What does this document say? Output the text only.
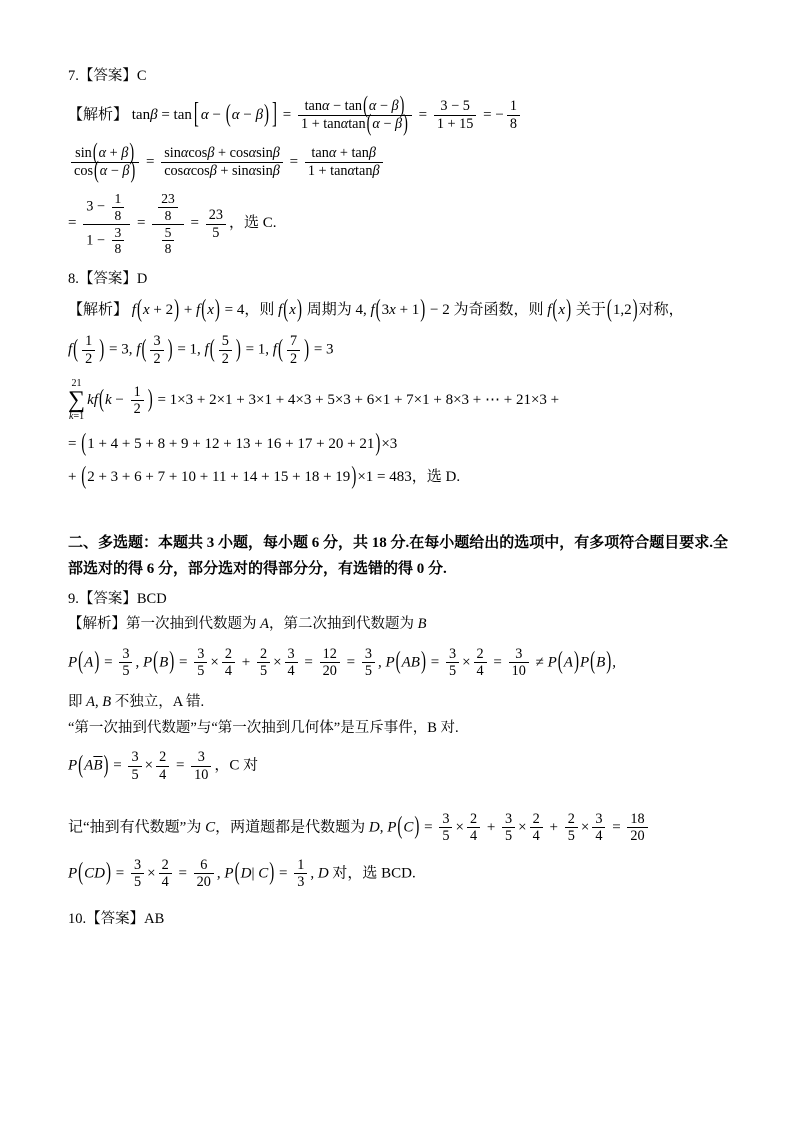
7.【答案】C
【解析】 tanβ = tan [ α − (α − β) ] = $\frac{\tan\alpha - \tan(\alpha - \beta)}{1 + \tan\alpha\tan(\alpha - \beta)} = \frac{3 - 5}{1 + 15}$ = − $\frac{1}{8}$
$\frac{\sin(\alpha + \beta)}{\cos(\alpha - \beta)} = \frac{\sin\alpha\cos\beta + \cos\alpha\sin\beta}{\cos\alpha\cos\beta + \sin\alpha\sin\beta} = \frac{\tan\alpha + \tan\beta}{1 + \tan\alpha\tan\beta}$
= $\frac{3 - \frac{1}{8}}{1 - \frac{3}{8}} = \frac{\frac{23}{8}}{\frac{5}{8}} = \frac{23}{5}$ ，选 C.
8.【答案】D
【解析】 f(x + 2) + f(x) = 4，则 f(x) 周期为 4, f(3x + 1) − 2 为奇函数，则 f(x) 关于(1,2)对称，
$f( \frac{1}{2}$ ) = 3, $f( \frac{3}{2}$ ) = 1, $f( \frac{5}{2}$ ) = 1, $f( \frac{7}{2}$ ) = 3
21
∑
k=1
$kf(k - \frac{1}{2}$ ) = 1×3 + 2×1 + 3×1 + 4×3 + 5×3 + 6×1 + 7×1 + 8×3 + ⋯ + 21×3 +
= (1 + 4 + 5 + 8 + 9 + 12 + 13 + 16 + 17 + 20 + 21)×3
+ (2 + 3 + 6 + 7 + 10 + 11 + 14 + 15 + 18 + 19)×1 = 483，选 D.
二、多选题：本题共 3 小题，每小题 6 分，共 18 分.在每小题给出的选项中，有多项符合题目要求.全部选对的得 6 分，部分选对的得部分分，有选错的得 0 分.
9.【答案】BCD
【解析】第一次抽到代数题为 A，第二次抽到代数题为 B
$P(A) = \frac{3}{5}$ , $P(B) = \frac{3}{5} \times \frac{2}{4} + \frac{2}{5} \times \frac{3}{4} = \frac{12}{20} = \frac{3}{5}$ , $P(AB) = \frac{3}{5} \times \frac{2}{4} = \frac{3}{10} \ne P(A)P(B)$,
即 A, B 不独立，A 错.
“第一次抽到代数题”与“第一次抽到几何体”是互斥事件，B 对.
$P(A\overline{B}) = \frac{3}{5} \times \frac{2}{4} = \frac{3}{10}$ ，C 对
记“抽到有代数题”为 C，两道题都是代数题为 D, $P(C) = \frac{3}{5} \times \frac{2}{4} + \frac{3}{5} \times \frac{2}{4} + \frac{2}{5} \times \frac{3}{4} = \frac{18}{20}$
$P(CD) = \frac{3}{5} \times \frac{2}{4} = \frac{6}{20}$ , P(D| $C) = \frac{1}{3}$ , D 对，选 BCD.
10.【答案】AB
